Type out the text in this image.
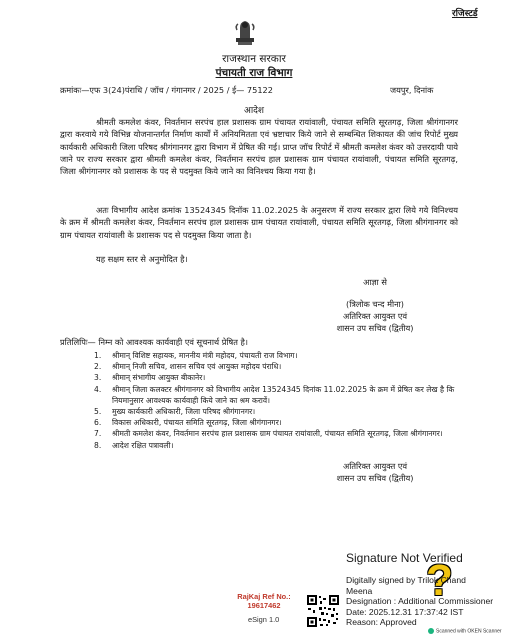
रजिस्टर्ड
राजस्थान सरकार
पंचायती राज विभाग
क्रमांकः—एफ 3(24)पंराधि / जॉच / गंगानगर / 2025 / ई— 75122	जयपुर, दिनांक
आदेश
श्रीमती कमलेश कंवर, निवर्तमान सरपंच हाल प्रशासक ग्राम पंचायत रायांवाली, पंचायत समिति सूरतगढ़, जिला श्रीगंगानगर द्वारा करवाये गये विभिन्न योजनान्तर्गत निर्माण कार्यों में अनियमितता एवं भ्रष्टाचार किये जाने से सम्बन्धित शिकायत की जांच रिपोर्ट मुख्य कार्यकारी अधिकारी जिला परिषद श्रीगंगानगर द्वारा विभाग में प्रेषित की गई। प्राप्त जॉच रिपोर्ट में श्रीमती कमलेश कंवर को उत्तरदायी पाये जाने पर राज्य सरकार द्वारा श्रीमती कमलेश कंवर, निवर्तमान सरपंच हाल प्रशासक ग्राम पंचायत रायांवाली, पंचायत समिति सूरतगढ़, जिला श्रीगंगानगर को प्रशासक के पद से पदमुक्त किये जाने का विनिश्चय किया गया है।
अतः विभागीय आदेश क्रमांक 13524345 दिनॉक 11.02.2025 के अनुसरण में राज्य सरकार द्वारा लिये गये विनिश्चय के क्रम में श्रीमती कमलेश कंवर, निवर्तमान सरपंच हाल प्रशासक ग्राम पंचायत रायांवाली, पंचायत समिति सूरतगढ़, जिला श्रीगंगानगर को ग्राम पंचायत रायांवाली के प्रशासक पद से पदमुक्त किया जाता है।
यह सक्षम स्तर से अनुमोदित है।
आज्ञा से
(त्रिलोक चन्द मीना)
अतिरिक्त आयुक्त एवं
शासन उप सचिव (द्वितीय)
प्रतिलिपिः— निम्न को आवश्यक कार्यवाही एवं सूचनार्थ प्रेषित है।
1. श्रीमान् विशिष्ट सहायक, माननीय मंत्री महोदय, पंचायती राज विभाग।
2. श्रीमान् निजी सचिव, शासन सचिव एवं आयुक्त महोदय पंराधि।
3. श्रीमान् संभागीय आयुक्त बीकानेर।
4. श्रीमान् जिला कलक्टर श्रीगंगानगर को विभागीय आदेश 13524345 दिनांक 11.02.2025 के क्रम में प्रेषित कर लेख है कि नियमानुसार आवश्यक कार्यवाही किये जाने का श्रम करावें।
5. मुख्य कार्यकारी अधिकारी, जिला परिषद श्रीगंगानगर।
6. विकास अधिकारी, पंचायत समिति सूरतगढ़, जिला श्रीगंगानगर।
7. श्रीमती कमलेश कंवर, निवर्तमान सरपंच हाल प्रशासक ग्राम पंचायत रायांवाली, पंचायत समिति सूरतगढ़, जिला श्रीगंगानगर।
8. आदेश रक्षित पत्रावली।
अतिरिक्त आयुक्त एवं
शासन उप सचिव (द्वितीय)
?
Signature Not Verified
Digitally signed by Trilok Chand
Meena
Designation : Additional Commissioner
Date: 2025.12.31 17:37:42 IST
Reason: Approved
RajKaj Ref No.:
19617462
eSign 1.0
Scanned with OKEN Scanner
